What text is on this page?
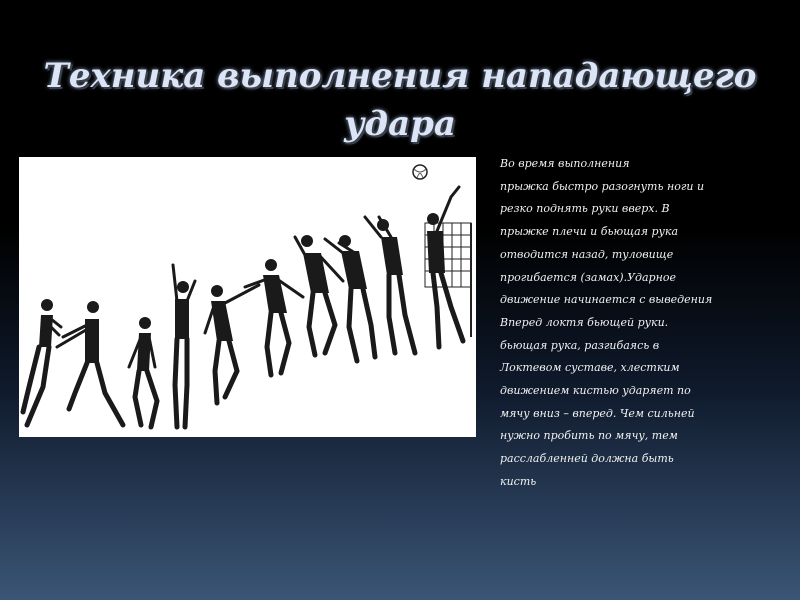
Техника выполнения нападающего
удара
Во время выполнения
прыжка быстро разогнуть ноги и
резко поднять руки вверх. В
прыжке плечи и бьющая рука
отводится назад, туловище
прогибается (замах).Ударное
движение начинается с выведения
Вперед локтя бьющей руки.
бьющая рука, разгибаясь в
Локтевом суставе, хлестким
движением кистью ударяет по
мячу вниз – вперед. Чем сильней
нужно пробить по мячу, тем
расслабленней должна быть
кисть
